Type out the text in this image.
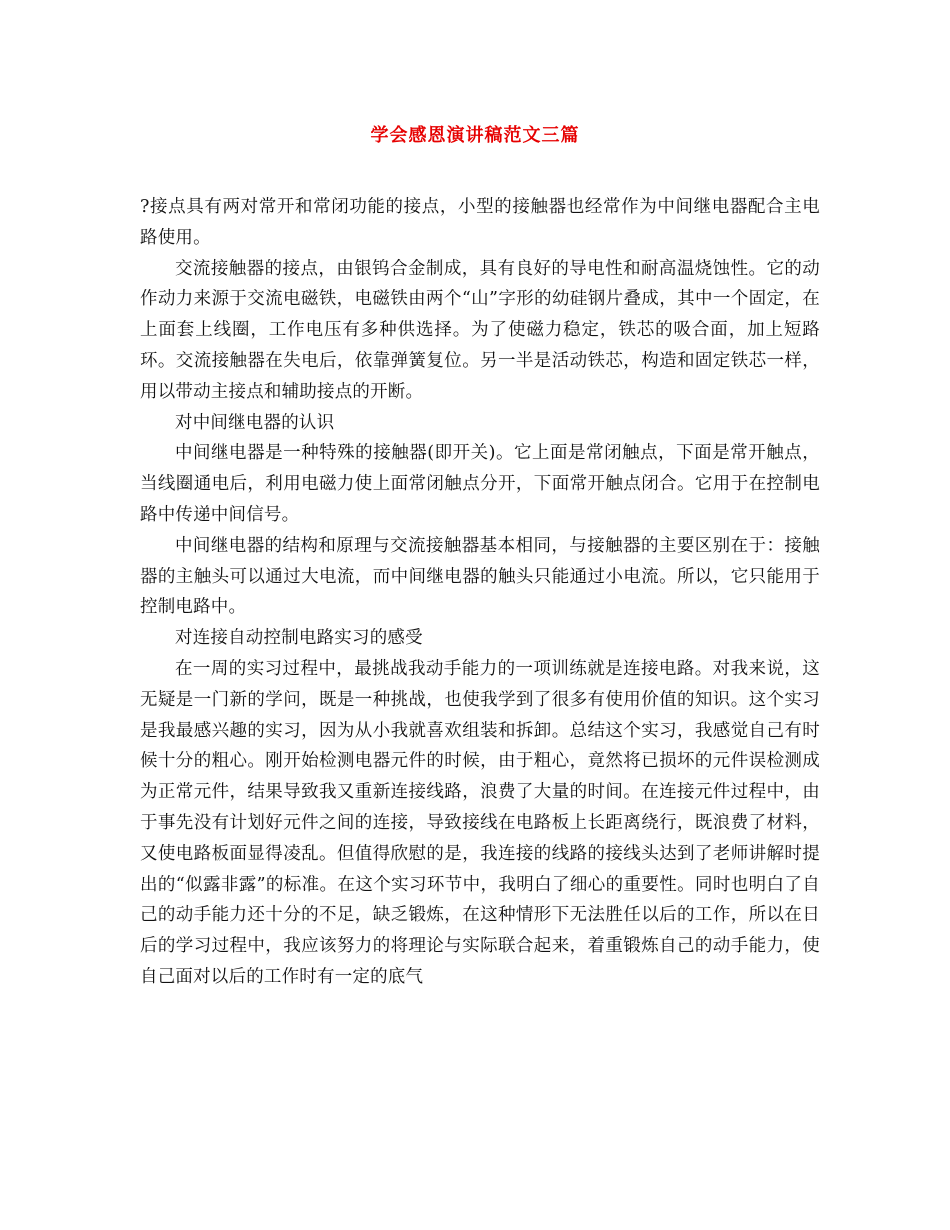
学会感恩演讲稿范文三篇

?接点具有两对常开和常闭功能的接点，小型的接触器也经常作为中间继电器配合主电路使用。

交流接触器的接点，由银钨合金制成，具有良好的导电性和耐高温烧蚀性。它的动作动力来源于交流电磁铁，电磁铁由两个“山”字形的幼硅钢片叠成，其中一个固定，在上面套上线圈，工作电压有多种供选择。为了使磁力稳定，铁芯的吸合面，加上短路环。交流接触器在失电后，依靠弹簧复位。另一半是活动铁芯，构造和固定铁芯一样，用以带动主接点和辅助接点的开断。

对中间继电器的认识

中间继电器是一种特殊的接触器(即开关)。它上面是常闭触点，下面是常开触点，当线圈通电后，利用电磁力使上面常闭触点分开，下面常开触点闭合。它用于在控制电路中传递中间信号。

中间继电器的结构和原理与交流接触器基本相同，与接触器的主要区别在于：接触器的主触头可以通过大电流，而中间继电器的触头只能通过小电流。所以，它只能用于控制电路中。

对连接自动控制电路实习的感受

在一周的实习过程中，最挑战我动手能力的一项训练就是连接电路。对我来说，这无疑是一门新的学问，既是一种挑战，也使我学到了很多有使用价值的知识。这个实习是我最感兴趣的实习，因为从小我就喜欢组装和拆卸。总结这个实习，我感觉自己有时候十分的粗心。刚开始检测电器元件的时候，由于粗心，竟然将已损坏的元件误检测成为正常元件，结果导致我又重新连接线路，浪费了大量的时间。在连接元件过程中，由于事先没有计划好元件之间的连接，导致接线在电路板上长距离绕行，既浪费了材料，又使电路板面显得凌乱。但值得欣慰的是，我连接的线路的接线头达到了老师讲解时提出的“似露非露”的标准。在这个实习环节中，我明白了细心的重要性。同时也明白了自己的动手能力还十分的不足，缺乏锻炼，在这种情形下无法胜任以后的工作，所以在日后的学习过程中，我应该努力的将理论与实际联合起来，着重锻炼自己的动手能力，使自己面对以后的工作时有一定的底气
